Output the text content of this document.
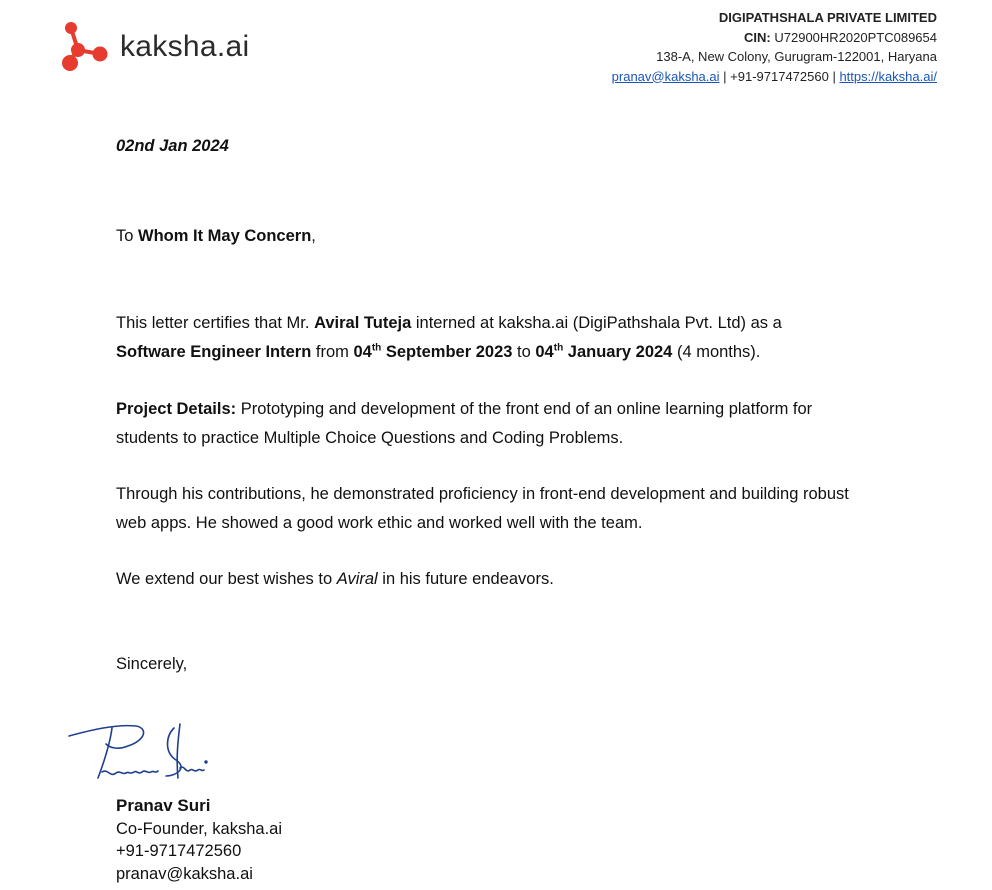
kaksha.ai
DIGIPATHSHALA PRIVATE LIMITED
CIN: U72900HR2020PTC089654
138-A, New Colony, Gurugram-122001, Haryana
pranav@kaksha.ai | +91-9717472560 | https://kaksha.ai/
02nd Jan 2024
To Whom It May Concern,

This letter certifies that Mr. Aviral Tuteja interned at kaksha.ai (DigiPathshala Pvt. Ltd) as a
Software Engineer Intern from 04th September 2023 to 04th January 2024 (4 months).

Project Details: Prototyping and development of the front end of an online learning platform for students to practice Multiple Choice Questions and Coding Problems.

Through his contributions, he demonstrated proficiency in front-end development and building robust web apps. He showed a good work ethic and worked well with the team.

We extend our best wishes to Aviral in his future endeavors.

Sincerely,
Pranav Suri
Co-Founder, kaksha.ai
+91-9717472560
pranav@kaksha.ai
